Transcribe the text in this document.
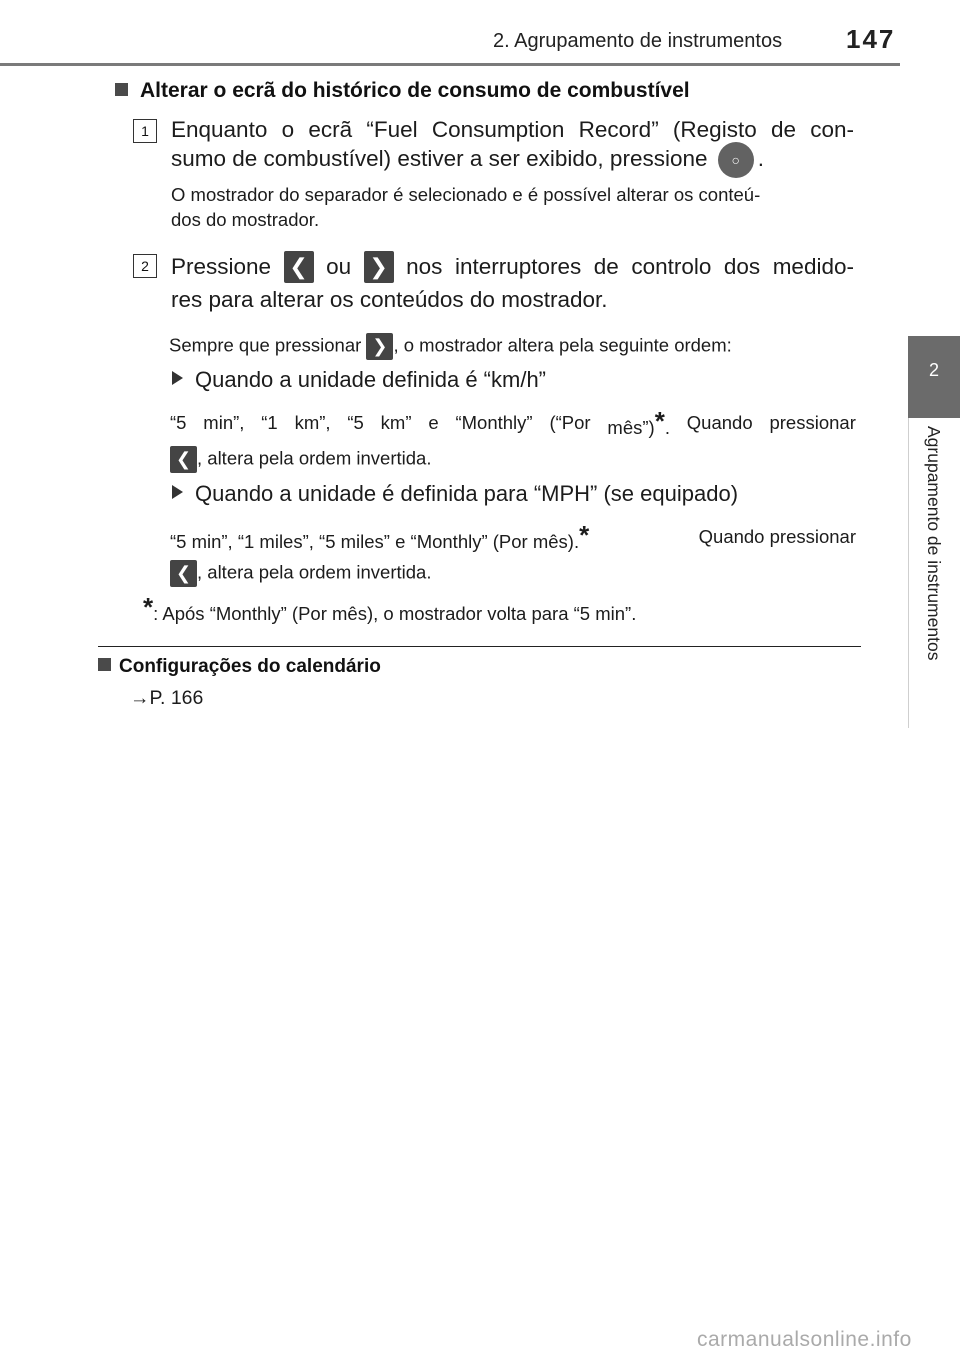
2. Agrupamento de instrumentos 147
2
Agrupamento de instrumentos
Alterar o ecrã do histórico de consumo de combustível
1 Enquanto o ecrã “Fuel Consumption Record” (Registo de con-
sumo de combustível) estiver a ser exibido, pressione ○ .
O mostrador do separador é selecionado e é possível alterar os conteú-
dos do mostrador.
2 Pressione ❮ ou ❯ nos interruptores de controlo dos medido-
res para alterar os conteúdos do mostrador.
Sempre que pressionar ❯ , o mostrador altera pela seguinte ordem:
Quando a unidade definida é “km/h”
“5 min”, “1 km”, “5 km” e “Monthly” (“Por mês”)*. Quando pressionar
❮ , altera pela ordem invertida.
Quando a unidade é definida para “MPH” (se equipado)
“5 min”, “1 miles”, “5 miles” e “Monthly” (Por mês).*	Quando pressionar
❮ , altera pela ordem invertida.
*: Após “Monthly” (Por mês), o mostrador volta para “5 min”.
Configurações do calendário
→P. 166
carmanualsonline.info
